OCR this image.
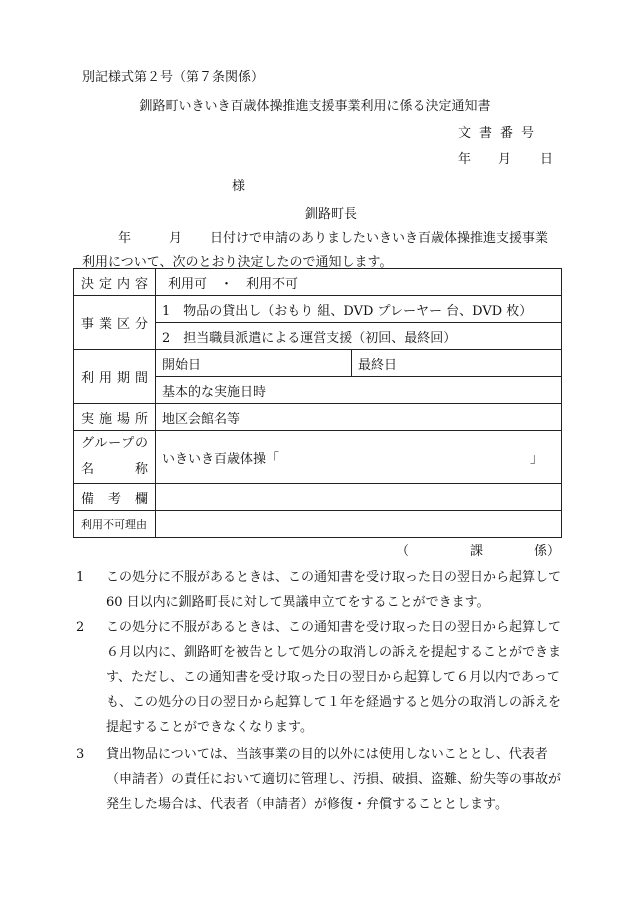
別記様式第２号（第７条関係）
釧路町いきいき百歳体操推進支援事業利用に係る決定通知書
文書番号
年 月 日
様
釧路町長
年	月 日付けで申請のありましたいきいき百歳体操推進支援事業
利用について、次のとおり決定したので通知します。
決定内容	利用可　・　利用不可	
事業区分	1　物品の貸出し（おもり 組、DVD プレーヤー 台、DVD 枚）	
	2　担当職員派遣による運営支援（初回、最終回）	
利用期間	開始日	最終日
	基本的な実施日時	
実施場所	地区会館名等	

グループの
名称	いきいき百歳体操「 」	

備考欄		
利用不可理由		
（	課	係）
1	この処分に不服があるときは、この通知書を受け取った日の翌日から起算して 60 日以内に釧路町長に対して異議申立てをすることができます。
2	この処分に不服があるときは、この通知書を受け取った日の翌日から起算して６月以内に、釧路町を被告として処分の取消しの訴えを提起することができます、ただし、この通知書を受け取った日の翌日から起算して６月以内であっても、この処分の日の翌日から起算して１年を経過すると処分の取消しの訴えを提起することができなくなります。
3	貸出物品については、当該事業の目的以外には使用しないこととし、代表者（申請者）の責任において適切に管理し、汚損、破損、盗難、紛失等の事故が発生した場合は、代表者（申請者）が修復・弁償することとします。
